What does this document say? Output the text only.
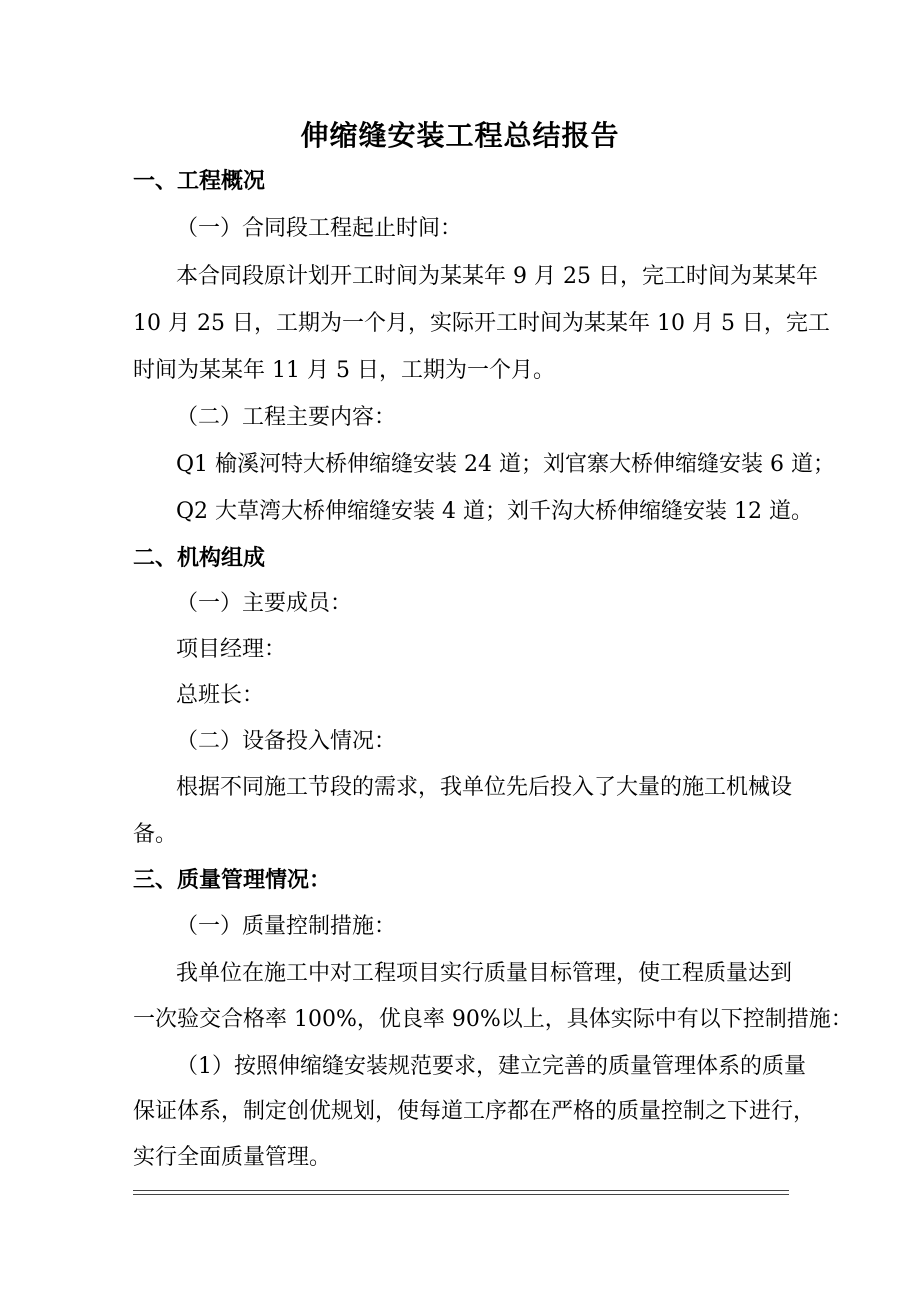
伸缩缝安装工程总结报告
一、工程概况
（一）合同段工程起止时间：
本合同段原计划开工时间为某某年 9 月 25 日，完工时间为某某年
10 月 25 日，工期为一个月，实际开工时间为某某年 10 月 5 日，完工
时间为某某年 11 月 5 日，工期为一个月。
（二）工程主要内容：
Q1 榆溪河特大桥伸缩缝安装 24 道；刘官寨大桥伸缩缝安装 6 道；
Q2 大草湾大桥伸缩缝安装 4 道；刘千沟大桥伸缩缝安装 12 道。
二、机构组成
（一）主要成员：
项目经理：
总班长：
（二）设备投入情况：
根据不同施工节段的需求，我单位先后投入了大量的施工机械设
备。
三、质量管理情况：
（一）质量控制措施：
我单位在施工中对工程项目实行质量目标管理，使工程质量达到
一次验交合格率 100%，优良率 90%以上，具体实际中有以下控制措施：
（1）按照伸缩缝安装规范要求，建立完善的质量管理体系的质量
保证体系，制定创优规划，使每道工序都在严格的质量控制之下进行，
实行全面质量管理。
